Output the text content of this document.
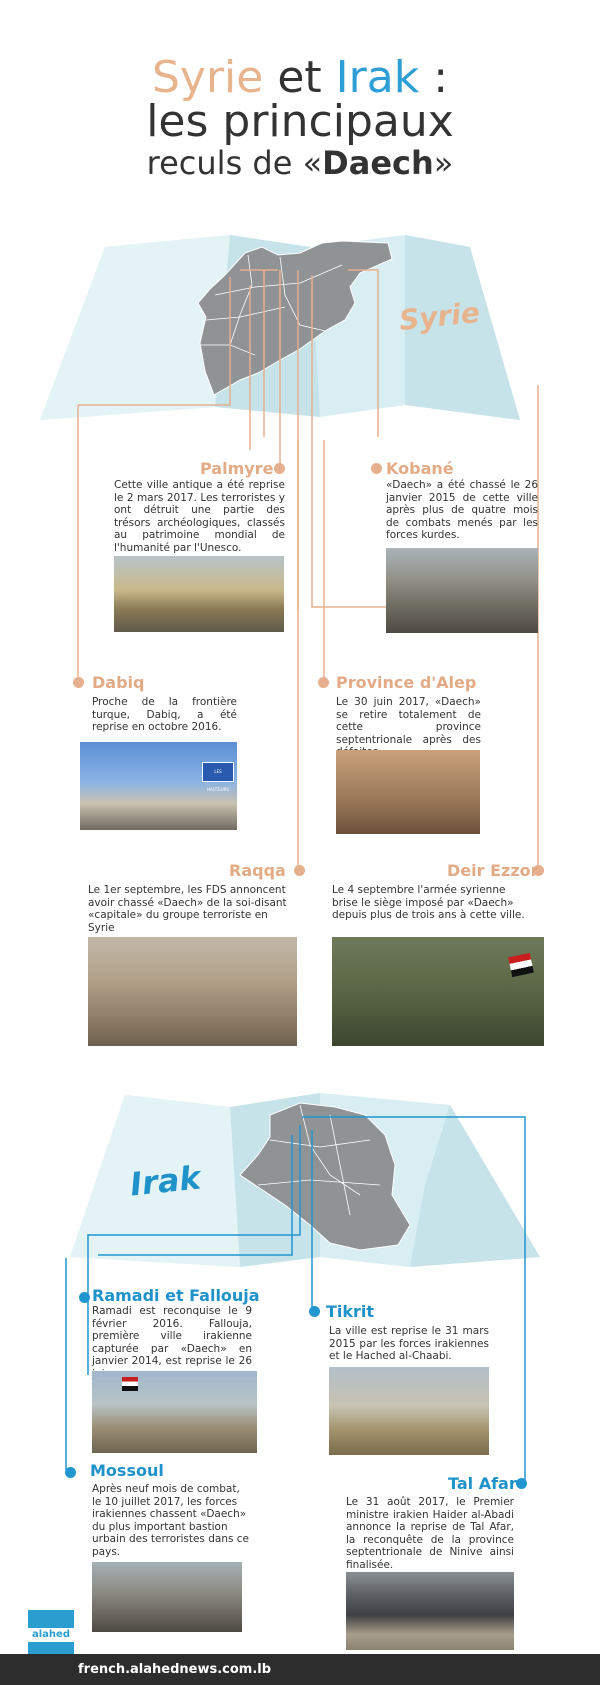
Syrie et Irak :
les principaux
reculs de «Daech»
Syrie
Palmyre
Cette ville antique a été reprise le 2 mars 2017. Les terroristes y ont détruit une partie des trésors archéologiques, classés au patrimoine mondial de l'humanité par l'Unesco.
Kobané
«Daech» a été chassé le 26 janvier 2015 de cette ville après plus de quatre mois de combats menés par les forces kurdes.
Dabiq
Proche de la frontière turque, Dabiq, a été reprise en octobre 2016.
LES HAUTEURS
Province d'Alep
Le 30 juin 2017, «Daech» se retire totalement de cette province septentrionale après des
Raqqa
Le 1er septembre, les FDS annoncent avoir chassé «Daech» de la soi-disant «capitale» du groupe terroriste en Syrie
Deir Ezzor
Le 4 septembre l'armée syrienne brise le siège imposé par «Daech» depuis plus de trois ans à cette ville.
Irak
Ramadi et Fallouja
Ramadi est reconquise le 9 février 2016. Fallouja, première ville irakienne capturée par «Daech» en janvier 2014, est reprise le 26
Tikrit
La ville est reprise le 31 mars 2015 par les forces irakiennes et le Hached al-Chaabi.
Mossoul
Après neuf mois de combat, le 10 juillet 2017, les forces irakiennes chassent «Daech» du plus important bastion urbain des terroristes dans ce pays.
Tal Afar
Le 31 août 2017, le Premier ministre irakien Haider al-Abadi annonce la reprise de Tal Afar, la reconquête de la province septentrionale de Ninive ainsi finalisée.
alahed
french.alahednews.com.lb
